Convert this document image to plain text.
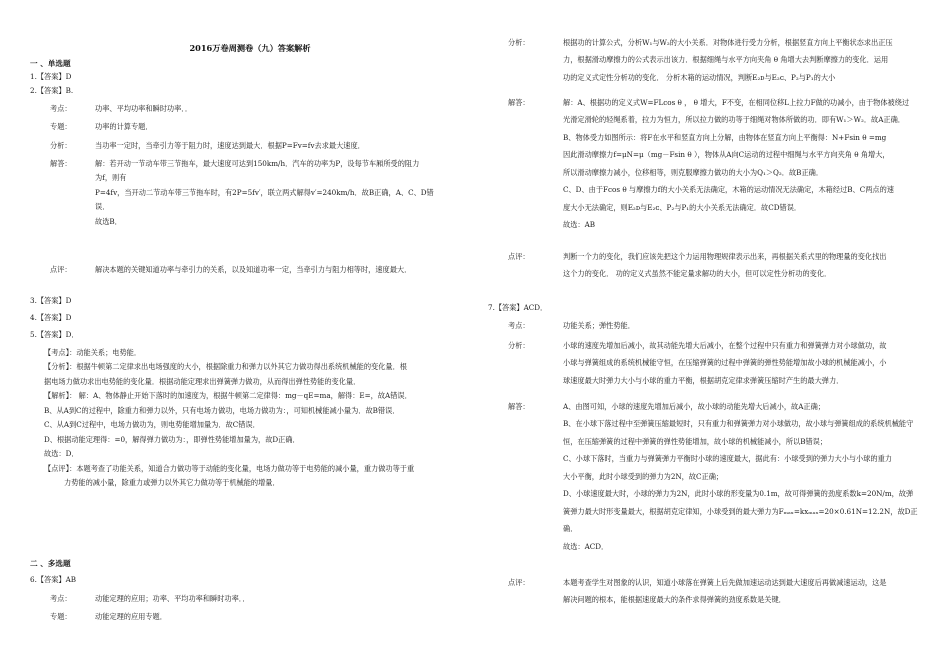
2016万卷周测卷（九）答案解析
一 、单选题
1.【答案】D
2.【答案】B.
考点：	功率、平均功率和瞬时功率．．
专题：	功率的计算专题．
分析：	当功率一定时，当牵引力等于阻力时，速度达到最大．根据P=Fv=fv去求最大速度．
解答：	解：若开动一节动车带三节拖车，最大速度可达到150km/h．汽车的功率为P，设每节车厢所受的阻力
为f，则有
P=4fv，当开动二节动车带三节拖车时，有2P=5fv′，联立两式解得v′=240km/h．故B正确，A、C、D错
误．
故选B．
点评：	解决本题的关键知道功率与牵引力的关系，以及知道功率一定，当牵引力与阻力相等时，速度最大．
3.【答案】D
4.【答案】D
5.【答案】D．
【考点】：动能关系；电势能．
【分析】：根据牛顿第二定律求出电场强度的大小，根据除重力和弹力以外其它力做功得出系统机械能的变化量．根
据电场力做功求出电势能的变化量．根据动能定理求出弹簧弹力做功，从而得出弹性势能的变化量．
【解析】： 解：A、物体静止开始下落时的加速度为，根据牛顿第二定律得：mg－qE=ma，解得：E=，故A错误．
B、从A到C的过程中，除重力和弹力以外，只有电场力做功，电场力做功为：，可知机械能减小量为．故B错误．
C、从A到C过程中，电场力做功为，则电势能增加量为．故C错误．
D、根据动能定理得：=0，解得弹力做功为：，即弹性势能增加量为，故D正确．
故选：D．
【点评】：本题考查了功能关系，知道合力做功等于动能的变化量，电场力做功等于电势能的减小量，重力做功等于重
力势能的减小量，除重力或弹力以外其它力做功等于机械能的增量．
二 、多选题
6.【答案】AB
考点：	动能定理的应用；功率、平均功率和瞬时功率．．
专题：	动能定理的应用专题．
分析：	根据功的计算公式，分析W₁与W₂的大小关系．对物体进行受力分析，根据竖直方向上平衡状态求出正压
力，根据滑动摩擦力的公式表示出该力．根据细绳与水平方向夹角 θ 角增大去判断摩擦力的变化．运用
功的定义式定性分析功的变化． 分析木箱的运动情况，判断E₂ᴅ与E₂ᴄ、P₂与P₁的大小
解答：	解：A、根据功的定义式W=FLcos θ ， θ 增大，F不变，在相同位移L上拉力F做的功减小，由于物体被绕过
光滑定滑轮的轻绳系着，拉力为恒力，所以拉力做的功等于细绳对物体所做的功．即有W₁＞W₂．故A正确．
B、物体受力如图所示：将F在水平和竖直方向上分解，由物体在竖直方向上平衡得：N+Fsin θ =mg
因此滑动摩擦力f=μN=μ（mg－Fsin θ ），物体从A向C运动的过程中细绳与水平方向夹角 θ 角增大，
所以滑动摩擦力减小，位移相等，则克服摩擦力做功的大小为Q₁＞Q₂．故B正确．
C、D、由于Fcos θ 与摩擦力f的大小关系无法确定，木箱的运动情况无法确定，木箱经过B、C两点的速
度大小无法确定，则E₂ᴅ与E₂ᴄ、P₂与P₁的大小关系无法确定．故CD错误．
故选：AB
点评：	判断一个力的变化，我们应该先把这个力运用物理规律表示出来，再根据关系式里的物理量的变化找出
这个力的变化． 功的定义式虽然不能定量求解功的大小，但可以定性分析功的变化．
7.【答案】ACD．
考点：	功能关系；弹性势能．
分析：	小球的速度先增加后减小，故其动能先增大后减小，在整个过程中只有重力和弹簧弹力对小球做功，故
小球与弹簧组成的系统机械能守恒，在压缩弹簧的过程中弹簧的弹性势能增加故小球的机械能减小，小
球速度最大时弹力大小与小球的重力平衡，根据胡克定律求弹簧压缩时产生的最大弹力．
解答：	A、由图可知，小球的速度先增加后减小，故小球的动能先增大后减小，故A正确；
B、在小球下落过程中至弹簧压缩最短时，只有重力和弹簧弹力对小球做功，故小球与弹簧组成的系统机械能守
恒，在压缩弹簧的过程中弹簧的弹性势能增加，故小球的机械能减小，所以B错误；
C、小球下落时，当重力与弹簧弹力平衡时小球的速度最大，据此有：小球受到的弹力大小与小球的重力
大小平衡，此时小球受到的弹力为2N，故C正确；
D、小球速度最大时，小球的弹力为2N，此时小球的形变量为0.1m，故可得弹簧的劲度系数k=20N/m，故弹
簧弹力最大时形变量最大，根据胡克定律知，小球受到的最大弹力为Fₘₐₓ=kxₘₐₓ=20×0.61N=12.2N，故D正
确．
故选：ACD．
点评：	本题考查学生对图象的认识，知道小球落在弹簧上后先做加速运动达到最大速度后再做减速运动，这是
解决问题的根本，能根据速度最大的条件求得弹簧的劲度系数是关键．
